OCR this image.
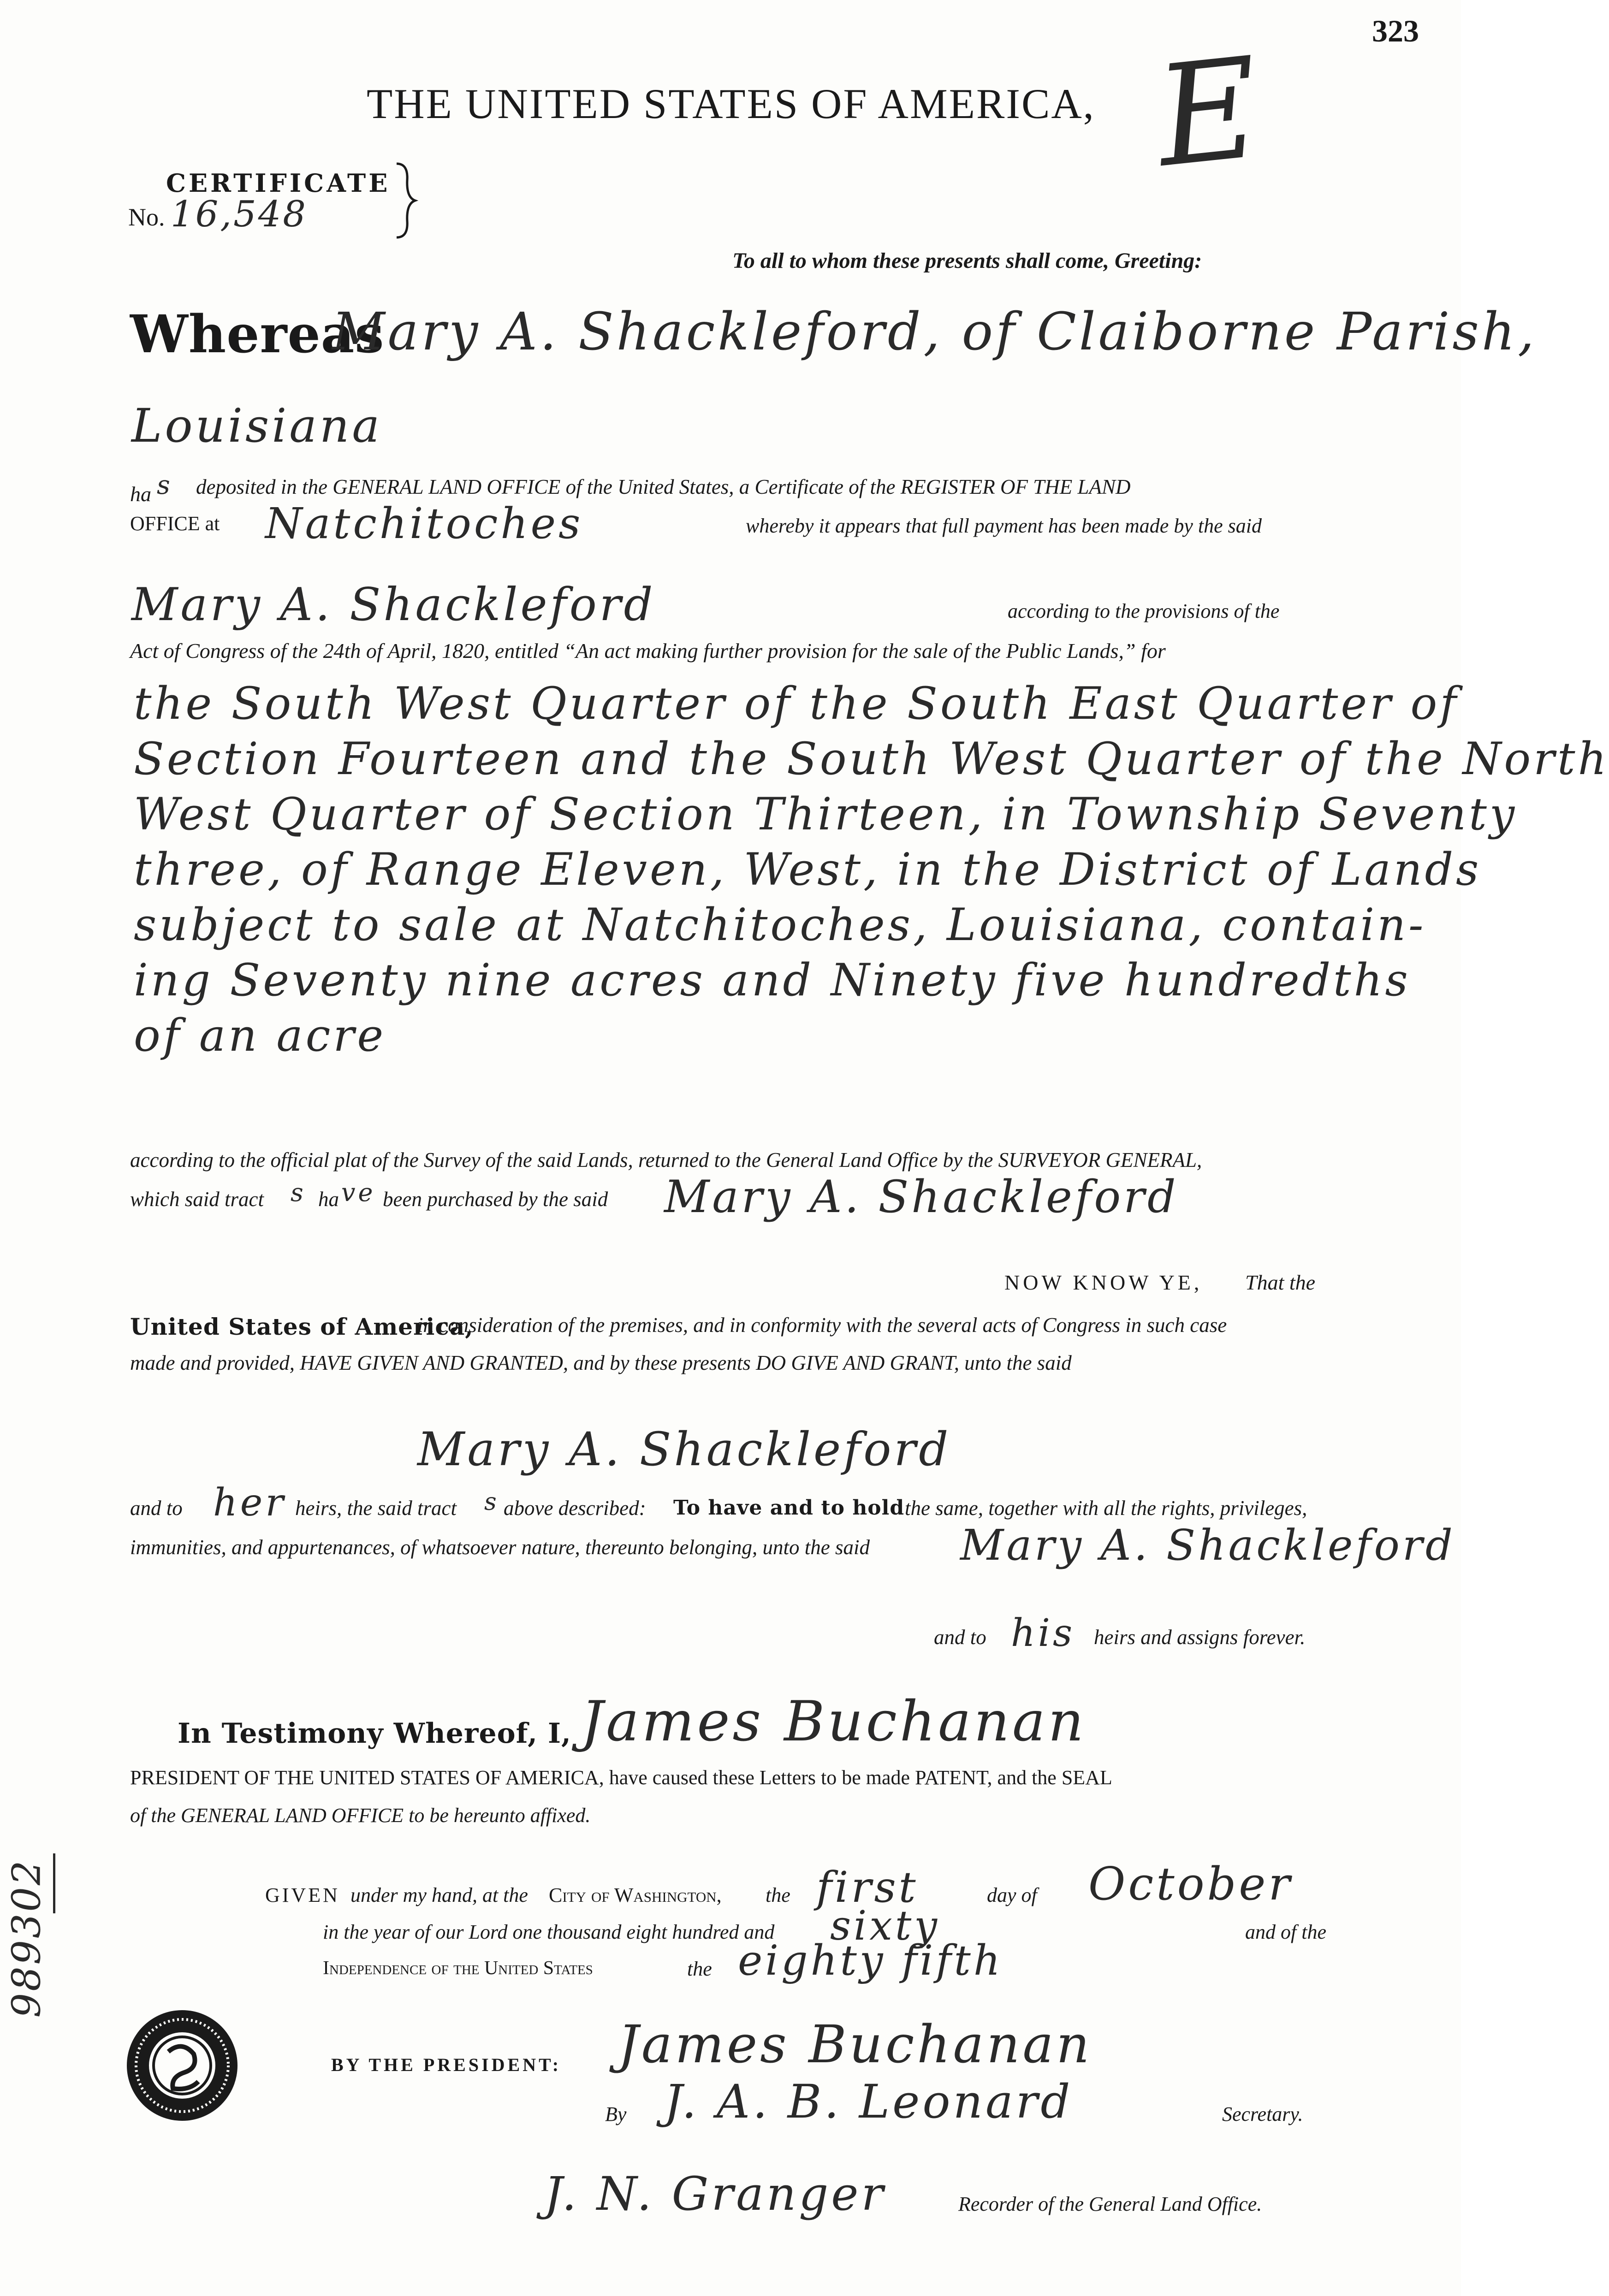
323
THE UNITED STATES OF AMERICA, E
CERTIFICATE
No. 16,548
To all to whom these presents shall come, Greeting:
Whereas
Mary A. Shackleford, of Claiborne Parish,
Louisiana
ha s deposited in the GENERAL LAND OFFICE of the United States, a Certificate of the REGISTER OF THE LAND
OFFICE at Natchitoches	whereby it appears that full payment has been made by the said
Mary A. Shackleford	according to the provisions of the
Act of Congress of the 24th of April, 1820, entitled “An act making further provision for the sale of the Public Lands,” for
the South West Quarter of the South East Quarter of
Section Fourteen and the South West Quarter of the North
West Quarter of Section Thirteen, in Township Seventy
three, of Range Eleven, West, in the District of Lands
subject to sale at Natchitoches, Louisiana, contain-
ing Seventy nine acres and Ninety five hundredths
of an acre
according to the official plat of the Survey of the said Lands, returned to the General Land Office by the SURVEYOR GENERAL,
which said tract s ha ve been purchased by the said Mary A. Shackleford
NOW KNOW YE, That the
United States of America,
in consideration of the premises, and in conformity with the several acts of Congress in such case
made and provided, HAVE GIVEN AND GRANTED, and by these presents DO GIVE AND GRANT, unto the said
Mary A. Shackleford
and to her heirs, the said tract s above described: To have and to hold the same, together with all the rights, privileges,
immunities, and appurtenances, of whatsoever nature, thereunto belonging, unto the said Mary A. Shackleford
and to his heirs and assigns forever.
In Testimony Whereof, I, James Buchanan
PRESIDENT OF THE UNITED STATES OF AMERICA, have caused these Letters to be made PATENT, and the SEAL
of the GENERAL LAND OFFICE to be hereunto affixed.
GIVEN under my hand, at the City of Washington, the first	day of October
in the year of our Lord one thousand eight hundred and sixty	and of the
Independence of the United States	the eighty fifth
BY THE PRESIDENT: James Buchanan
By J. A. B. Leonard	Secretary.
J. N. Granger	Recorder of the General Land Office.
989302
